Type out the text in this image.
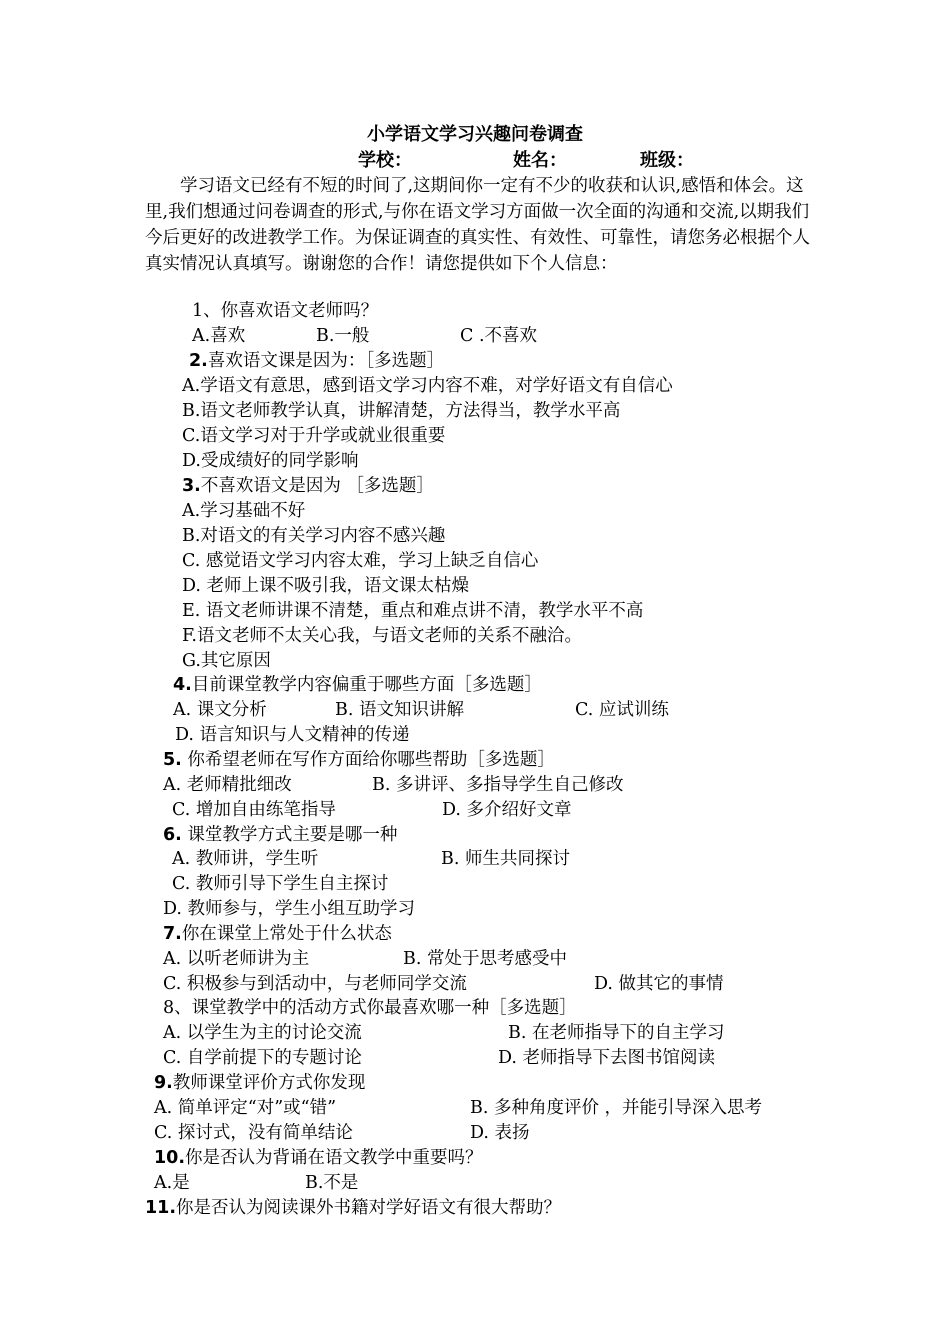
小学语文学习兴趣问卷调查
学校：	姓名：	班级：
学习语文已经有不短的时间了,这期间你一定有不少的收获和认识,感悟和体会。这里,我们想通过问卷调查的形式,与你在语文学习方面做一次全面的沟通和交流,以期我们今后更好的改进教学工作。为保证调查的真实性、有效性、可靠性，请您务必根据个人真实情况认真填写。谢谢您的合作！请您提供如下个人信息：
1、你喜欢语文老师吗？
A.喜欢	B.一般	C .不喜欢
2.喜欢语文课是因为：［多选题］
A.学语文有意思，感到语文学习内容不难，对学好语文有自信心
B.语文老师教学认真，讲解清楚，方法得当，教学水平高
C.语文学习对于升学或就业很重要
D.受成绩好的同学影响
3.不喜欢语文是因为 ［多选题］
A.学习基础不好
B.对语文的有关学习内容不感兴趣
C. 感觉语文学习内容太难，学习上缺乏自信心
D. 老师上课不吸引我，语文课太枯燥
E. 语文老师讲课不清楚，重点和难点讲不清，教学水平不高
F.语文老师不太关心我，与语文老师的关系不融洽。
G.其它原因
4.目前课堂教学内容偏重于哪些方面［多选题］
A. 课文分析	B. 语文知识讲解	C. 应试训练
D. 语言知识与人文精神的传递
5. 你希望老师在写作方面给你哪些帮助［多选题］
A. 老师精批细改	B. 多讲评、多指导学生自己修改
C. 增加自由练笔指导	D. 多介绍好文章
6. 课堂教学方式主要是哪一种
A. 教师讲，学生听	B. 师生共同探讨
C. 教师引导下学生自主探讨
D. 教师参与，学生小组互助学习
7.你在课堂上常处于什么状态
A. 以听老师讲为主	B. 常处于思考感受中
C. 积极参与到活动中，与老师同学交流	D. 做其它的事情
8、课堂教学中的活动方式你最喜欢哪一种［多选题］
A. 以学生为主的讨论交流	B. 在老师指导下的自主学习
C. 自学前提下的专题讨论	D. 老师指导下去图书馆阅读
9.教师课堂评价方式你发现
A. 简单评定“对”或“错”	B. 多种角度评价 ，并能引导深入思考
C. 探讨式，没有简单结论	D. 表扬
10.你是否认为背诵在语文教学中重要吗？
A.是	B.不是
11.你是否认为阅读课外书籍对学好语文有很大帮助？
